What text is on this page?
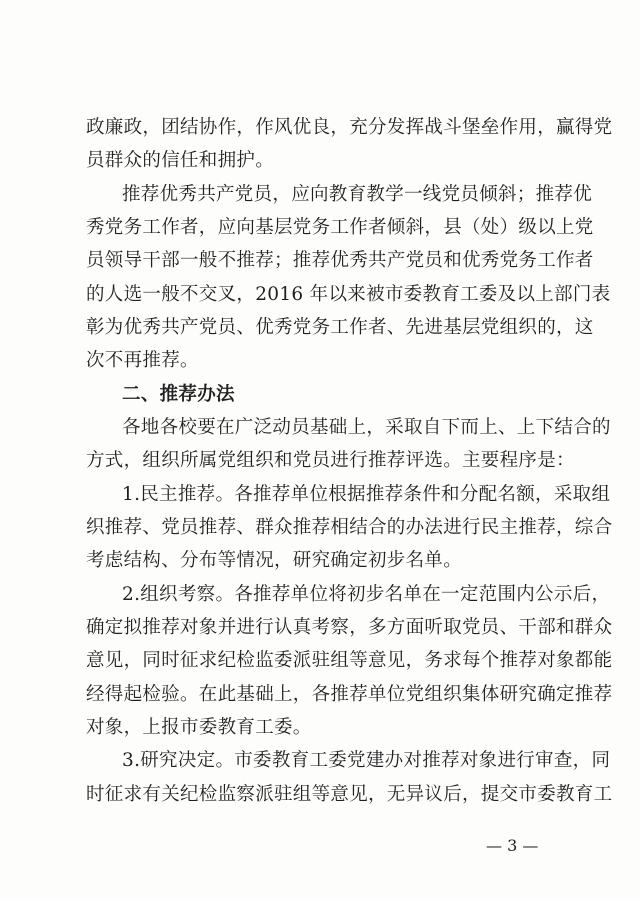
政廉政，团结协作，作风优良，充分发挥战斗堡垒作用，赢得党
员群众的信任和拥护。
推荐优秀共产党员，应向教育教学一线党员倾斜；推荐优
秀党务工作者，应向基层党务工作者倾斜，县（处）级以上党
员领导干部一般不推荐；推荐优秀共产党员和优秀党务工作者
的人选一般不交叉，2016 年以来被市委教育工委及以上部门表
彰为优秀共产党员、优秀党务工作者、先进基层党组织的，这
次不再推荐。
二、推荐办法
各地各校要在广泛动员基础上，采取自下而上、上下结合的
方式，组织所属党组织和党员进行推荐评选。主要程序是：
1.民主推荐。各推荐单位根据推荐条件和分配名额，采取组
织推荐、党员推荐、群众推荐相结合的办法进行民主推荐，综合
考虑结构、分布等情况，研究确定初步名单。
2.组织考察。各推荐单位将初步名单在一定范围内公示后，
确定拟推荐对象并进行认真考察，多方面听取党员、干部和群众
意见，同时征求纪检监委派驻组等意见，务求每个推荐对象都能
经得起检验。在此基础上，各推荐单位党组织集体研究确定推荐
对象，上报市委教育工委。
3.研究决定。市委教育工委党建办对推荐对象进行审查，同
时征求有关纪检监察派驻组等意见，无异议后，提交市委教育工
— 3 —
